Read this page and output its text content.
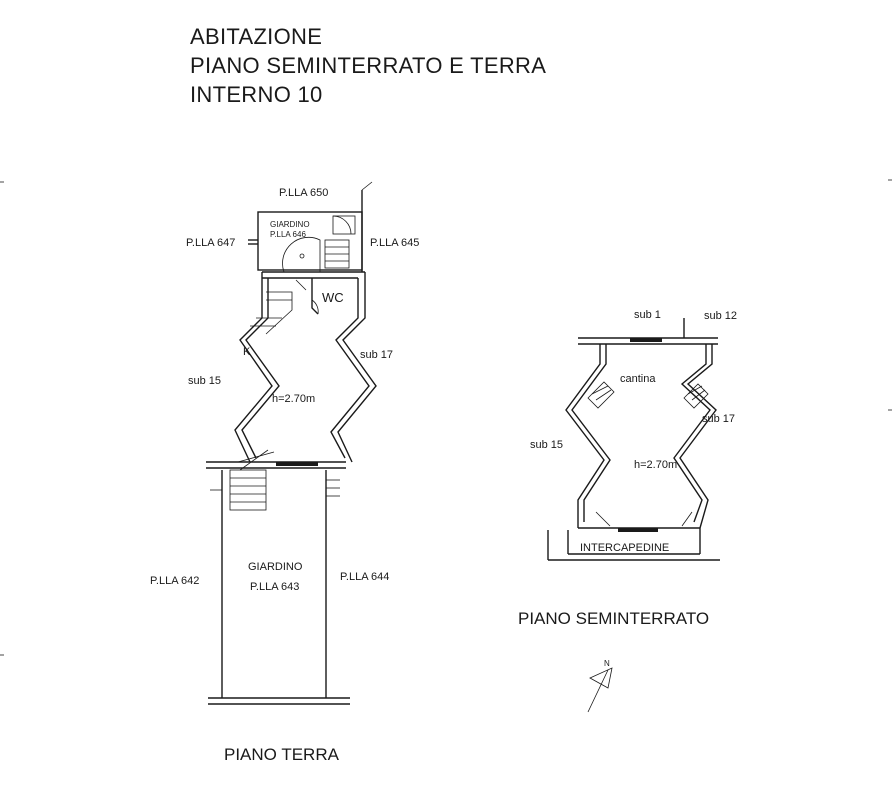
ABITAZIONE
PIANO SEMINTERRATO E TERRA
INTERNO 10
P.LLA 650
P.LLA 647	P.LLA 645
GIARDINO
P.LLA 646
WC
K
sub 15
sub 17
h=2.70m
GIARDINO
P.LLA 643
P.LLA 642	P.LLA 644
PIANO TERRA
sub 1	sub 12
cantina
sub 15
sub 17
h=2.70m
INTERCAPEDINE
PIANO SEMINTERRATO
N
